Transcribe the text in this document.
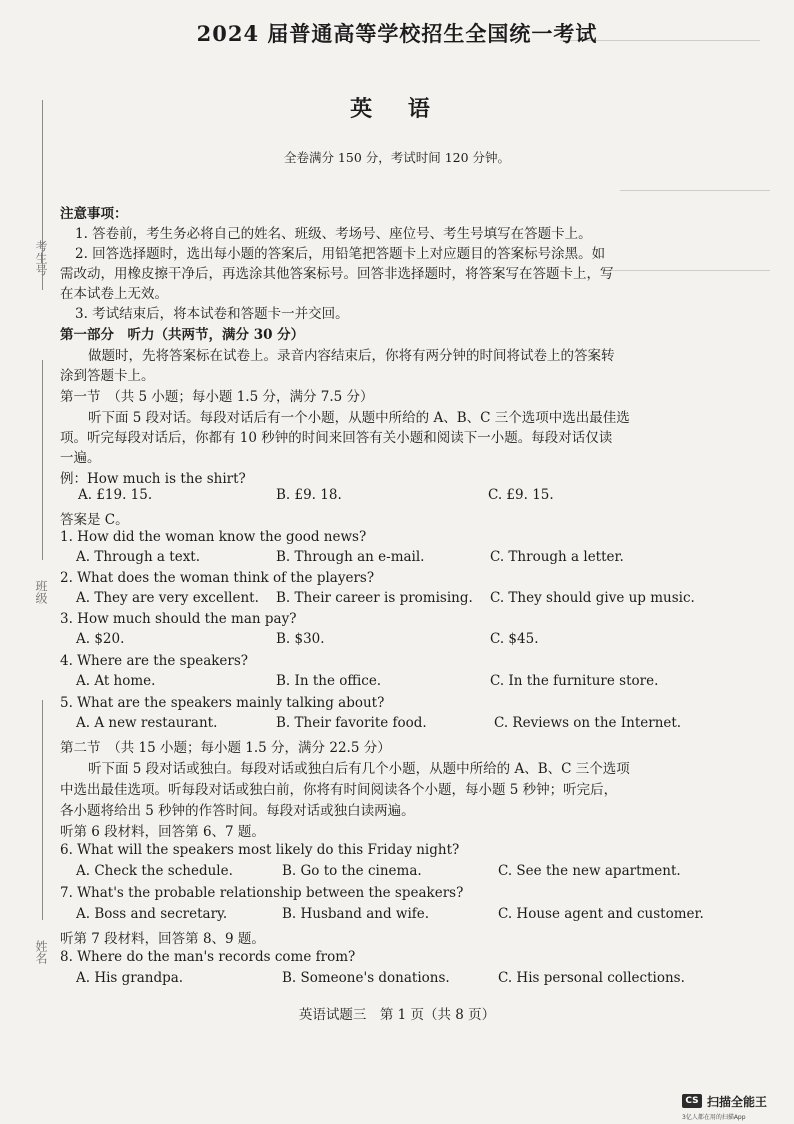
考生号
班级
姓名
2024 届普通高等学校招生全国统一考试
英 语
全卷满分 150 分，考试时间 120 分钟。
注意事项：
1. 答卷前，考生务必将自己的姓名、班级、考场号、座位号、考生号填写在答题卡上。
2. 回答选择题时，选出每小题的答案后，用铅笔把答题卡上对应题目的答案标号涂黑。如
需改动，用橡皮擦干净后，再选涂其他答案标号。回答非选择题时，将答案写在答题卡上，写
在本试卷上无效。
3. 考试结束后，将本试卷和答题卡一并交回。
第一部分　听力（共两节，满分 30 分）
做题时，先将答案标在试卷上。录音内容结束后，你将有两分钟的时间将试卷上的答案转
涂到答题卡上。
第一节　（共 5 小题；每小题 1.5 分，满分 7.5 分）
听下面 5 段对话。每段对话后有一个小题，从题中所给的 A、B、C 三个选项中选出最佳选
项。听完每段对话后，你都有 10 秒钟的时间来回答有关小题和阅读下一小题。每段对话仅读
一遍。
例：How much is the shirt?
A. £19. 15.	B. £9. 18.	C. £9. 15.
答案是 C。
1. How did the woman know the good news?
A. Through a text.	B. Through an e-mail.	C. Through a letter.
2. What does the woman think of the players?
A. They are very excellent. B. Their career is promising. C. They should give up music.
3. How much should the man pay?
A. $20.	B. $30.	C. $45.
4. Where are the speakers?
A. At home.	B. In the office.	C. In the furniture store.
5. What are the speakers mainly talking about?
A. A new restaurant.	B. Their favorite food.	C. Reviews on the Internet.
第二节　（共 15 小题；每小题 1.5 分，满分 22.5 分）
听下面 5 段对话或独白。每段对话或独白后有几个小题，从题中所给的 A、B、C 三个选项
中选出最佳选项。听每段对话或独白前，你将有时间阅读各个小题，每小题 5 秒钟；听完后，
各小题将给出 5 秒钟的作答时间。每段对话或独白读两遍。
听第 6 段材料，回答第 6、7 题。
6. What will the speakers most likely do this Friday night?
A. Check the schedule.	B. Go to the cinema.	C. See the new apartment.
7. What's the probable relationship between the speakers?
A. Boss and secretary.	B. Husband and wife.	C. House agent and customer.
听第 7 段材料，回答第 8、9 题。
8. Where do the man's records come from?
A. His grandpa.	B. Someone's donations.	C. His personal collections.
英语试题三　第 1 页（共 8 页）
CS 扫描全能王
3亿人都在用的扫描App
